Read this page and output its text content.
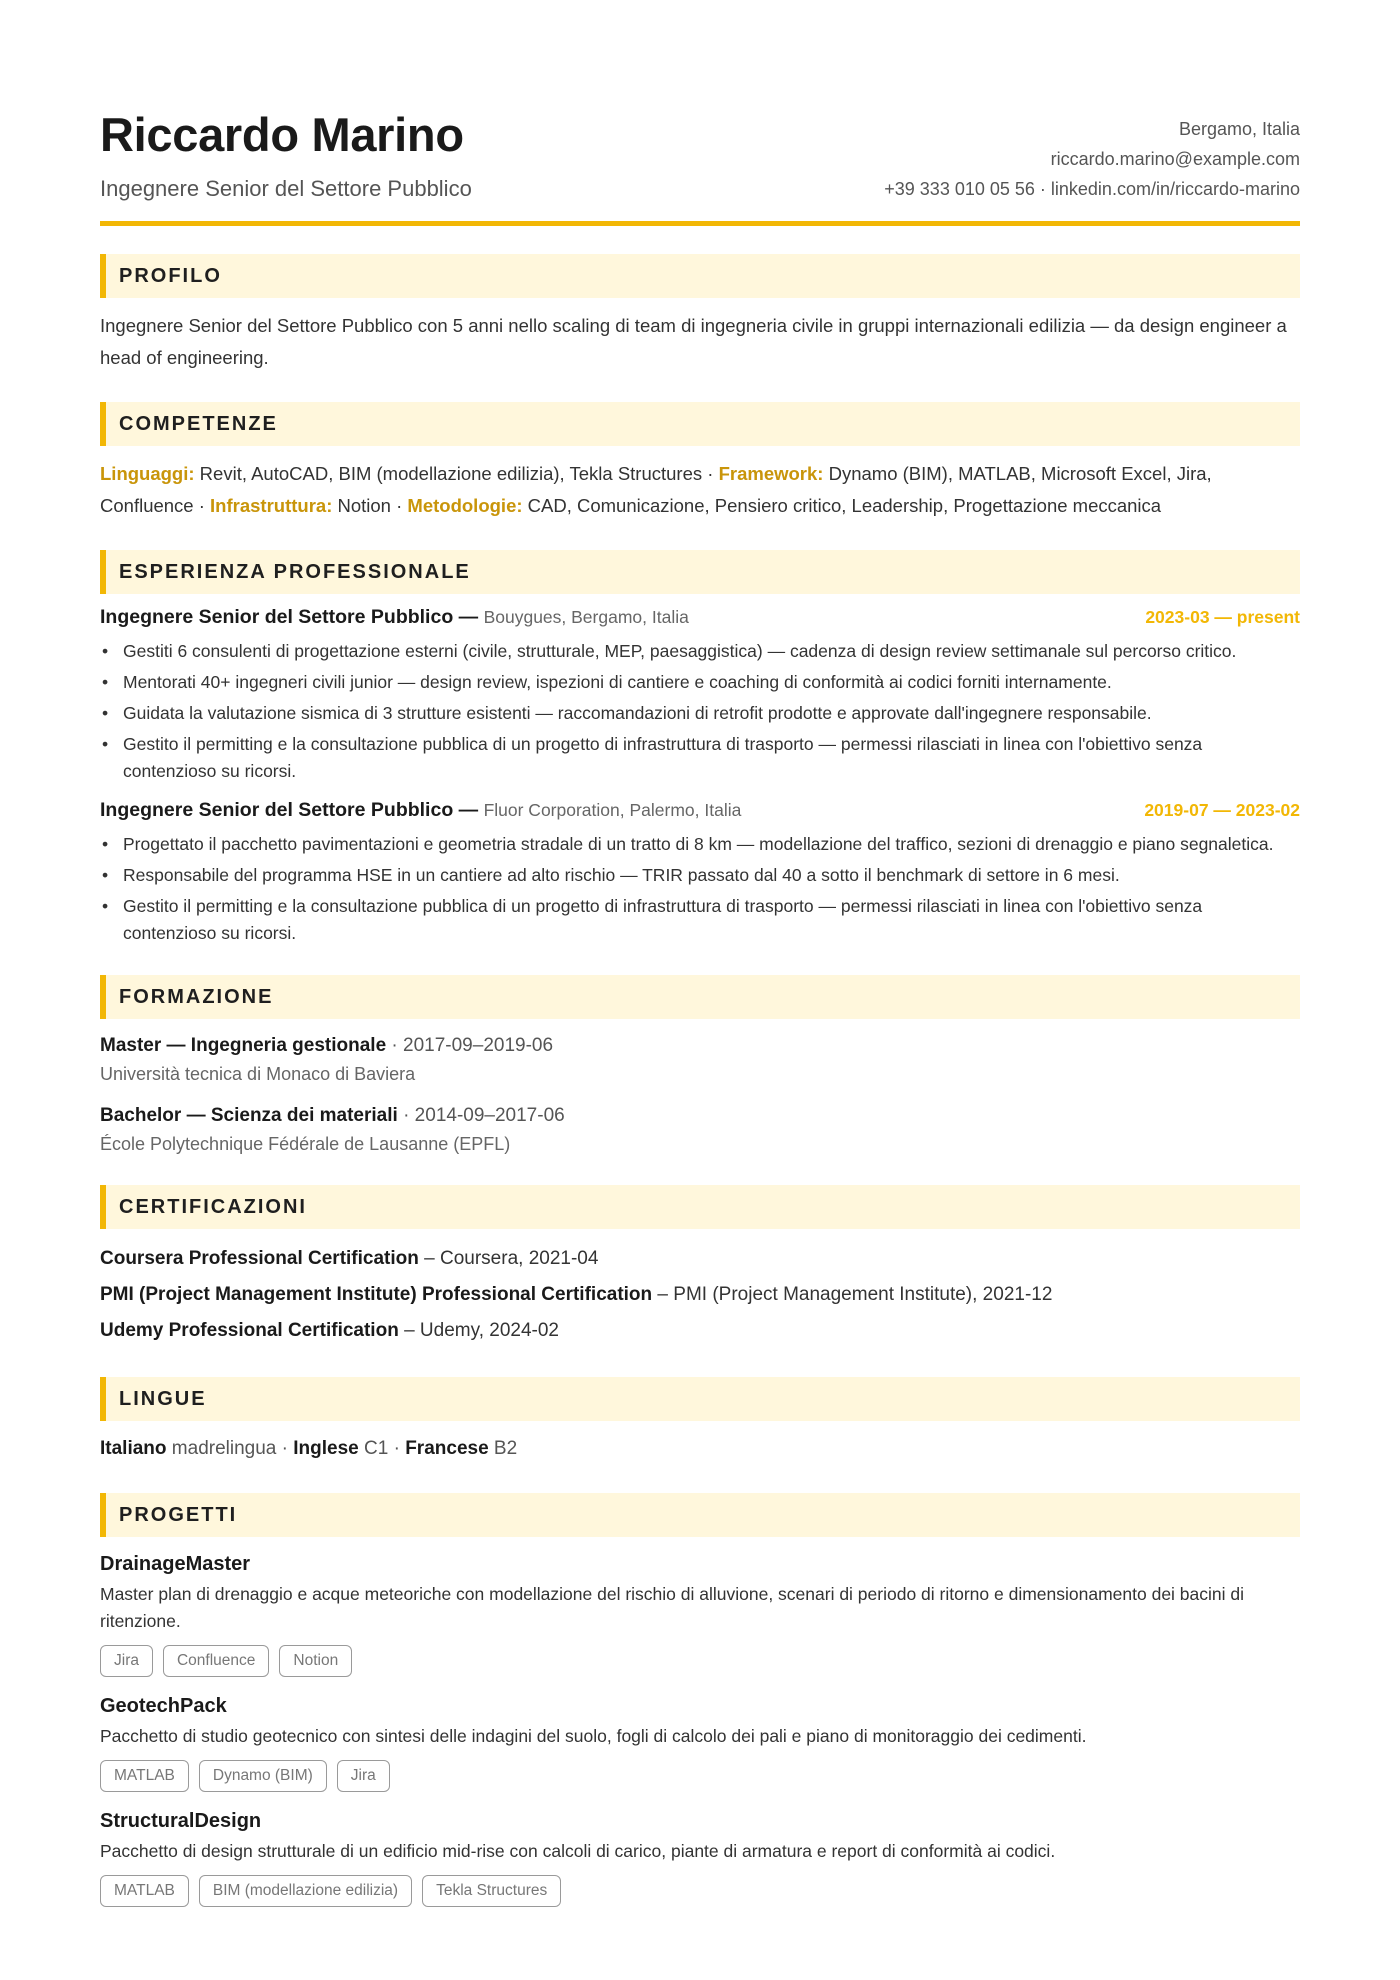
Riccardo Marino
Ingegnere Senior del Settore Pubblico
Bergamo, Italia
riccardo.marino@example.com
+39 333 010 05 56 · linkedin.com/in/riccardo-marino
PROFILO
Ingegnere Senior del Settore Pubblico con 5 anni nello scaling di team di ingegneria civile in gruppi internazionali edilizia — da design engineer a head of engineering.
COMPETENZE
Linguaggi: Revit, AutoCAD, BIM (modellazione edilizia), Tekla Structures · Framework: Dynamo (BIM), MATLAB, Microsoft Excel, Jira, Confluence · Infrastruttura: Notion · Metodologie: CAD, Comunicazione, Pensiero critico, Leadership, Progettazione meccanica
ESPERIENZA PROFESSIONALE
Ingegnere Senior del Settore Pubblico — Bouygues, Bergamo, Italia	2023-03 — present
• Gestiti 6 consulenti di progettazione esterni (civile, strutturale, MEP, paesaggistica) — cadenza di design review settimanale sul percorso critico.
• Mentorati 40+ ingegneri civili junior — design review, ispezioni di cantiere e coaching di conformità ai codici forniti internamente.
• Guidata la valutazione sismica di 3 strutture esistenti — raccomandazioni di retrofit prodotte e approvate dall'ingegnere responsabile.
• Gestito il permitting e la consultazione pubblica di un progetto di infrastruttura di trasporto — permessi rilasciati in linea con l'obiettivo senza contenzioso su ricorsi.
Ingegnere Senior del Settore Pubblico — Fluor Corporation, Palermo, Italia	2019-07 — 2023-02
• Progettato il pacchetto pavimentazioni e geometria stradale di un tratto di 8 km — modellazione del traffico, sezioni di drenaggio e piano segnaletica.
• Responsabile del programma HSE in un cantiere ad alto rischio — TRIR passato dal 40 a sotto il benchmark di settore in 6 mesi.
• Gestito il permitting e la consultazione pubblica di un progetto di infrastruttura di trasporto — permessi rilasciati in linea con l'obiettivo senza contenzioso su ricorsi.
FORMAZIONE
Master — Ingegneria gestionale · 2017-09–2019-06
Università tecnica di Monaco di Baviera
Bachelor — Scienza dei materiali · 2014-09–2017-06
École Polytechnique Fédérale de Lausanne (EPFL)
CERTIFICAZIONI
Coursera Professional Certification – Coursera, 2021-04
PMI (Project Management Institute) Professional Certification – PMI (Project Management Institute), 2021-12
Udemy Professional Certification – Udemy, 2024-02
LINGUE
Italiano madrelingua · Inglese C1 · Francese B2
PROGETTI
DrainageMaster
Master plan di drenaggio e acque meteoriche con modellazione del rischio di alluvione, scenari di periodo di ritorno e dimensionamento dei bacini di ritenzione.
Jira	Confluence	Notion
GeotechPack
Pacchetto di studio geotecnico con sintesi delle indagini del suolo, fogli di calcolo dei pali e piano di monitoraggio dei cedimenti.
MATLAB	Dynamo (BIM)	Jira
StructuralDesign
Pacchetto di design strutturale di un edificio mid-rise con calcoli di carico, piante di armatura e report di conformità ai codici.
MATLAB	BIM (modellazione edilizia)	Tekla Structures
